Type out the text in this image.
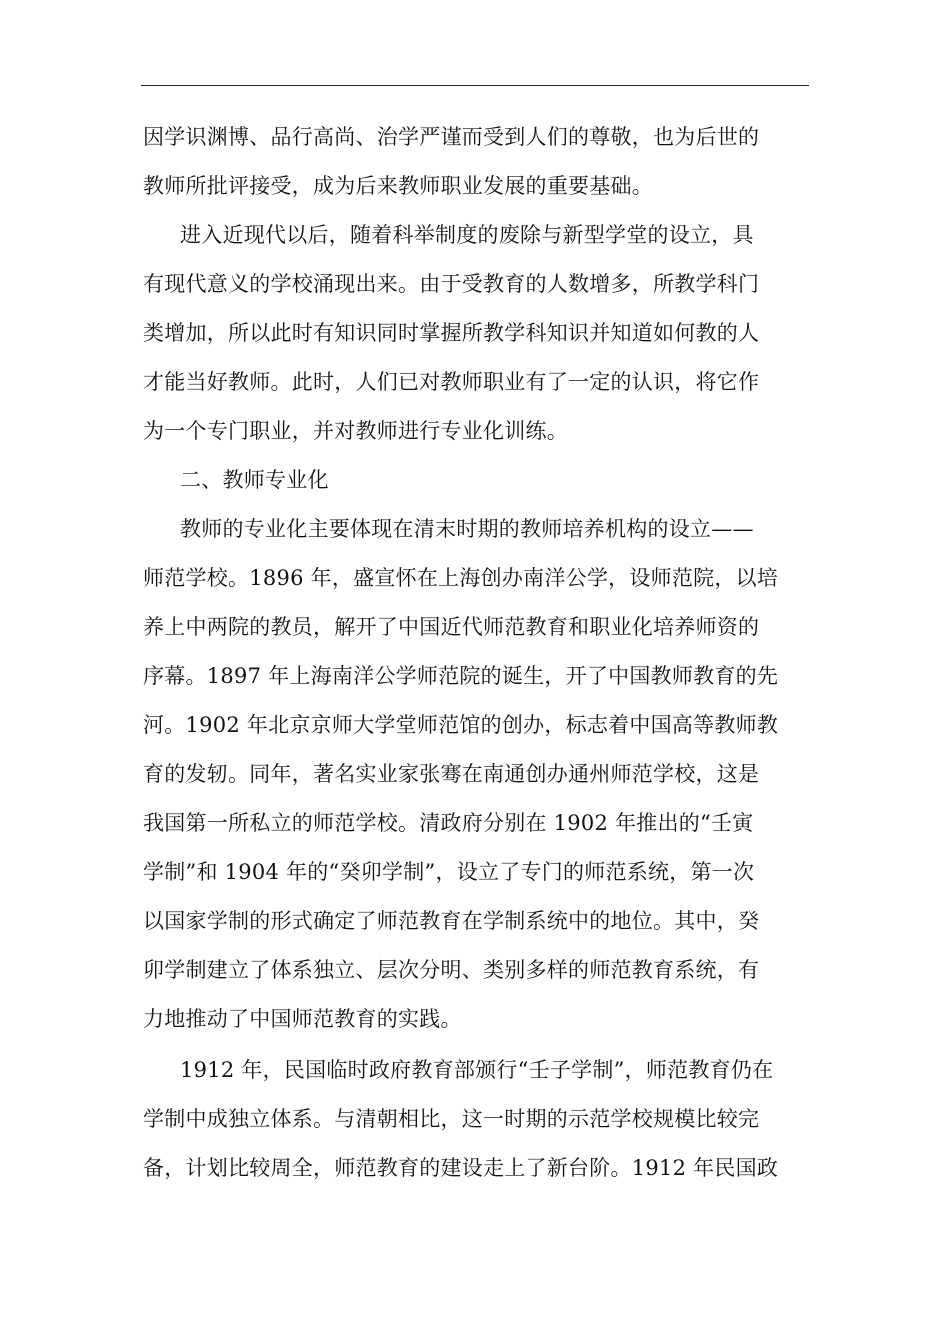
因学识渊博、品行高尚、治学严谨而受到人们的尊敬，也为后世的
教师所批评接受，成为后来教师职业发展的重要基础。
进入近现代以后，随着科举制度的废除与新型学堂的设立，具
有现代意义的学校涌现出来。由于受教育的人数增多，所教学科门
类增加，所以此时有知识同时掌握所教学科知识并知道如何教的人
才能当好教师。此时，人们已对教师职业有了一定的认识，将它作
为一个专门职业，并对教师进行专业化训练。
二、教师专业化
教师的专业化主要体现在清末时期的教师培养机构的设立——
师范学校。1896 年，盛宣怀在上海创办南洋公学，设师范院，以培
养上中两院的教员，解开了中国近代师范教育和职业化培养师资的
序幕。1897 年上海南洋公学师范院的诞生，开了中国教师教育的先
河。1902 年北京京师大学堂师范馆的创办，标志着中国高等教师教
育的发轫。同年，著名实业家张骞在南通创办通州师范学校，这是
我国第一所私立的师范学校。清政府分别在 1902 年推出的“壬寅
学制”和 1904 年的“癸卯学制”，设立了专门的师范系统，第一次
以国家学制的形式确定了师范教育在学制系统中的地位。其中，癸
卯学制建立了体系独立、层次分明、类别多样的师范教育系统，有
力地推动了中国师范教育的实践。
1912 年，民国临时政府教育部颁行“壬子学制”，师范教育仍在
学制中成独立体系。与清朝相比，这一时期的示范学校规模比较完
备，计划比较周全，师范教育的建设走上了新台阶。1912 年民国政
